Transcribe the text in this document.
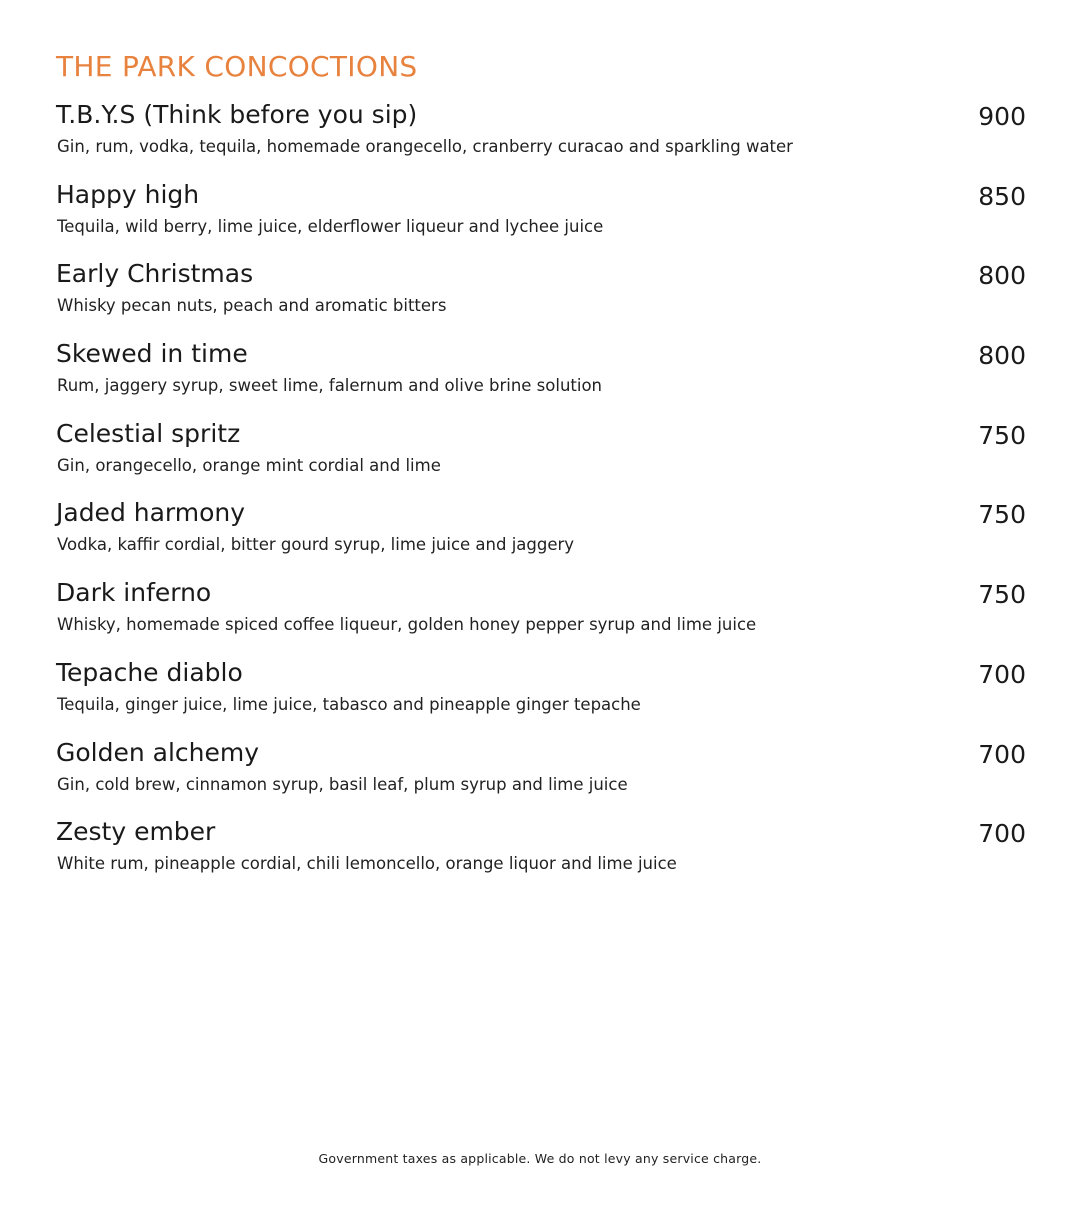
THE PARK CONCOCTIONS
T.B.Y.S (Think before you sip)	900
Gin, rum, vodka, tequila, homemade orangecello, cranberry curacao and sparkling water
Happy high	850
Tequila, wild berry, lime juice, elderflower liqueur and lychee juice
Early Christmas	800
Whisky pecan nuts, peach and aromatic bitters
Skewed in time	800
Rum, jaggery syrup, sweet lime, falernum and olive brine solution
Celestial spritz	750
Gin, orangecello, orange mint cordial and lime
Jaded harmony	750
Vodka, kaffir cordial, bitter gourd syrup, lime juice and jaggery
Dark inferno	750
Whisky, homemade spiced coffee liqueur, golden honey pepper syrup and lime juice
Tepache diablo	700
Tequila, ginger juice, lime juice, tabasco and pineapple ginger tepache
Golden alchemy	700
Gin, cold brew, cinnamon syrup, basil leaf, plum syrup and lime juice
Zesty ember	700
White rum, pineapple cordial, chili lemoncello, orange liquor and lime juice
Government taxes as applicable. We do not levy any service charge.
